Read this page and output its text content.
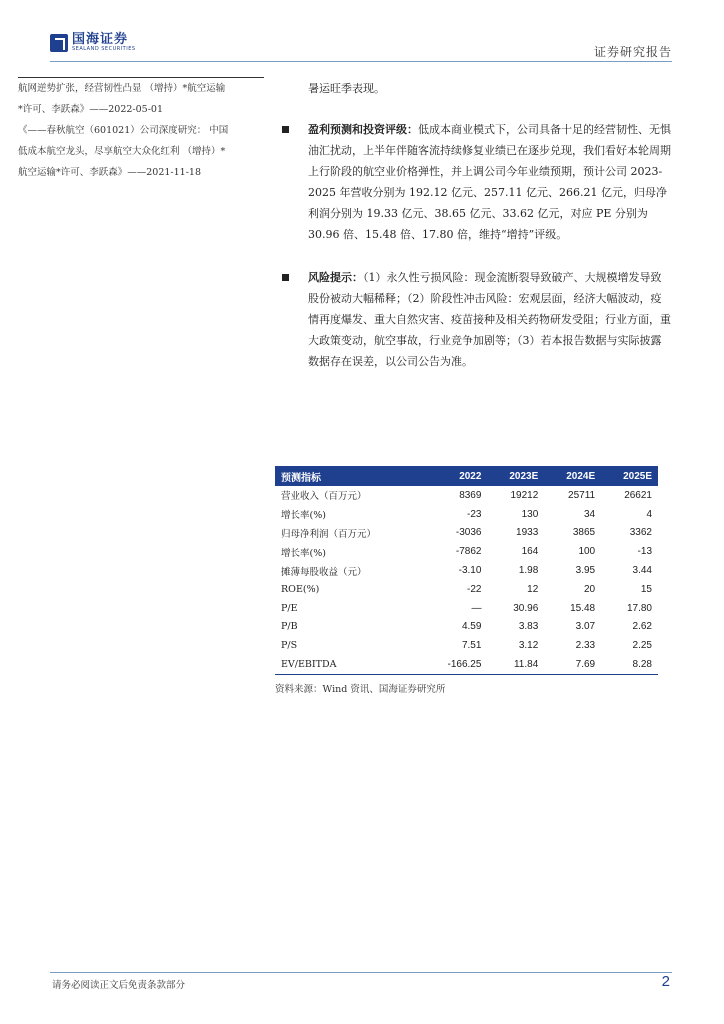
国海证券
SEALAND SECURITIES	证券研究报告

航网逆势扩张，经营韧性凸显 （增持）*航空运输

*许可、李跃森》——2022-05-01

《——春秋航空（601021）公司深度研究： 中国

低成本航空龙头，尽享航空大众化红利 （增持）*

航空运输*许可、李跃森》——2021-11-18

暑运旺季表现。

盈利预测和投资评级：低成本商业模式下，公司具备十足的经营韧性、无惧油汇扰动，上半年伴随客流持续修复业绩已在逐步兑现，我们看好本轮周期上行阶段的航空业价格弹性，并上调公司今年业绩预期，预计公司 2023-2025 年营收分别为 192.12 亿元、257.11 亿元、266.21 亿元，归母净利润分别为 19.33 亿元、38.65 亿元、33.62 亿元，对应 PE 分别为 30.96 倍、15.48 倍、17.80 倍，维持“增持”评级。

风险提示：（1）永久性亏损风险：现金流断裂导致破产、大规模增发导致股份被动大幅稀释；（2）阶段性冲击风险：宏观层面，经济大幅波动，疫情再度爆发、重大自然灾害、疫苗接种及相关药物研发受阻；行业方面，重大政策变动，航空事故，行业竞争加剧等；（3）若本报告数据与实际披露数据存在误差，以公司公告为准。

预测指标	2022	2023E	2024E	2025E
营业收入（百万元）	8369	19212	25711	26621
增长率(%)	-23	130	34	4
归母净利润（百万元）	-3036	1933	3865	3362
增长率(%)	-7862	164	100	-13
摊薄每股收益（元）	-3.10	1.98	3.95	3.44
ROE(%)	-22	12	20	15
P/E	—	30.96	15.48	17.80
P/B	4.59	3.83	3.07	2.62
P/S	7.51	3.12	2.33	2.25
EV/EBITDA	-166.25	11.84	7.69	8.28
资料来源：Wind 资讯、国海证券研究所
请务必阅读正文后免责条款部分	2
